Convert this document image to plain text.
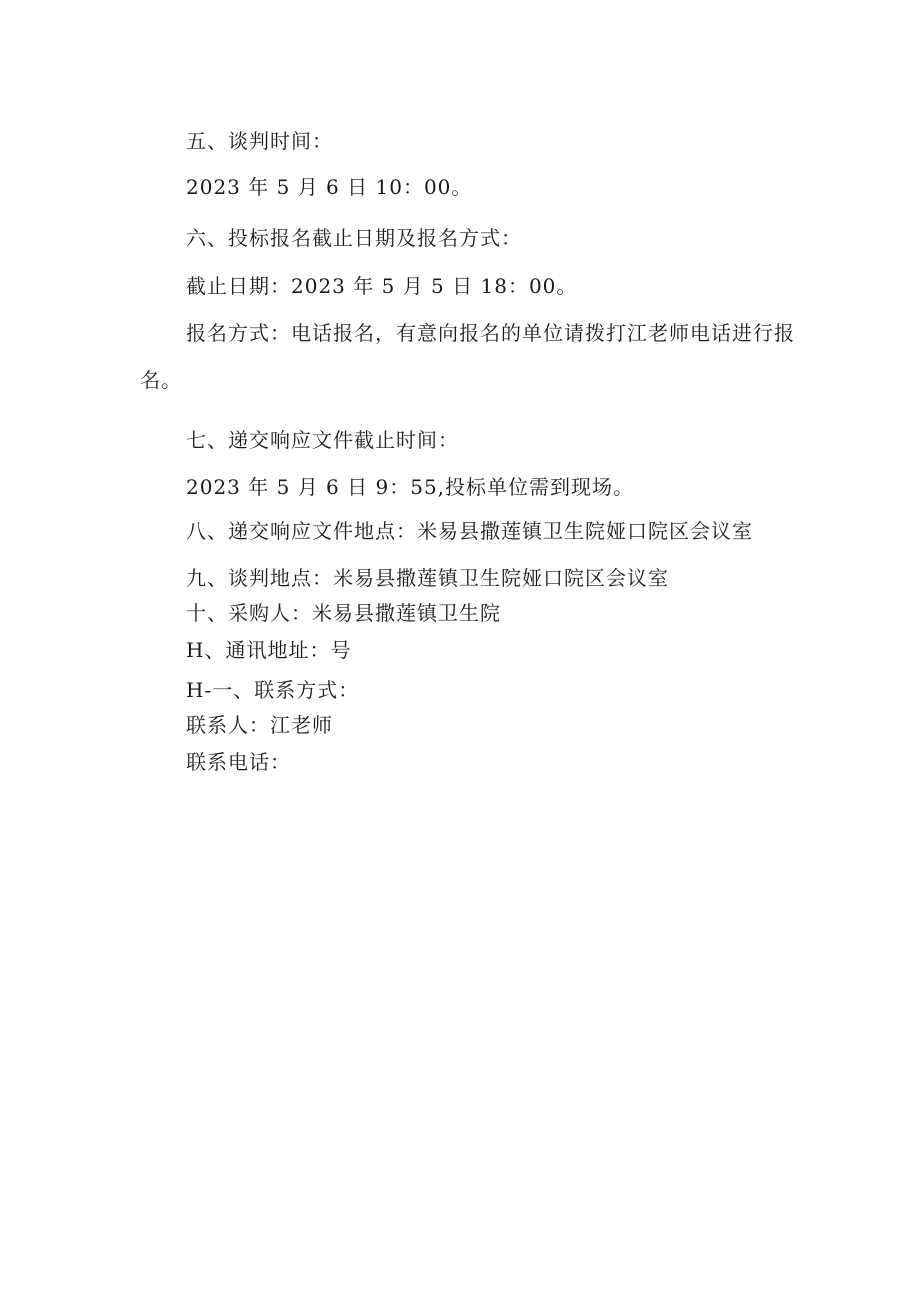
五、谈判时间：
2023 年 5 月 6 日 10：00。
六、投标报名截止日期及报名方式：
截止日期：2023 年 5 月 5 日 18：00。
报名方式：电话报名，有意向报名的单位请拨打江老师电话进行报
名。
七、递交响应文件截止时间：
2023 年 5 月 6 日 9：55,投标单位需到现场。
八、递交响应文件地点：米易县撒莲镇卫生院娅口院区会议室
九、谈判地点：米易县撒莲镇卫生院娅口院区会议室
十、采购人：米易县撒莲镇卫生院
H、通讯地址：号
H-一、联系方式：
联系人：江老师
联系电话：
